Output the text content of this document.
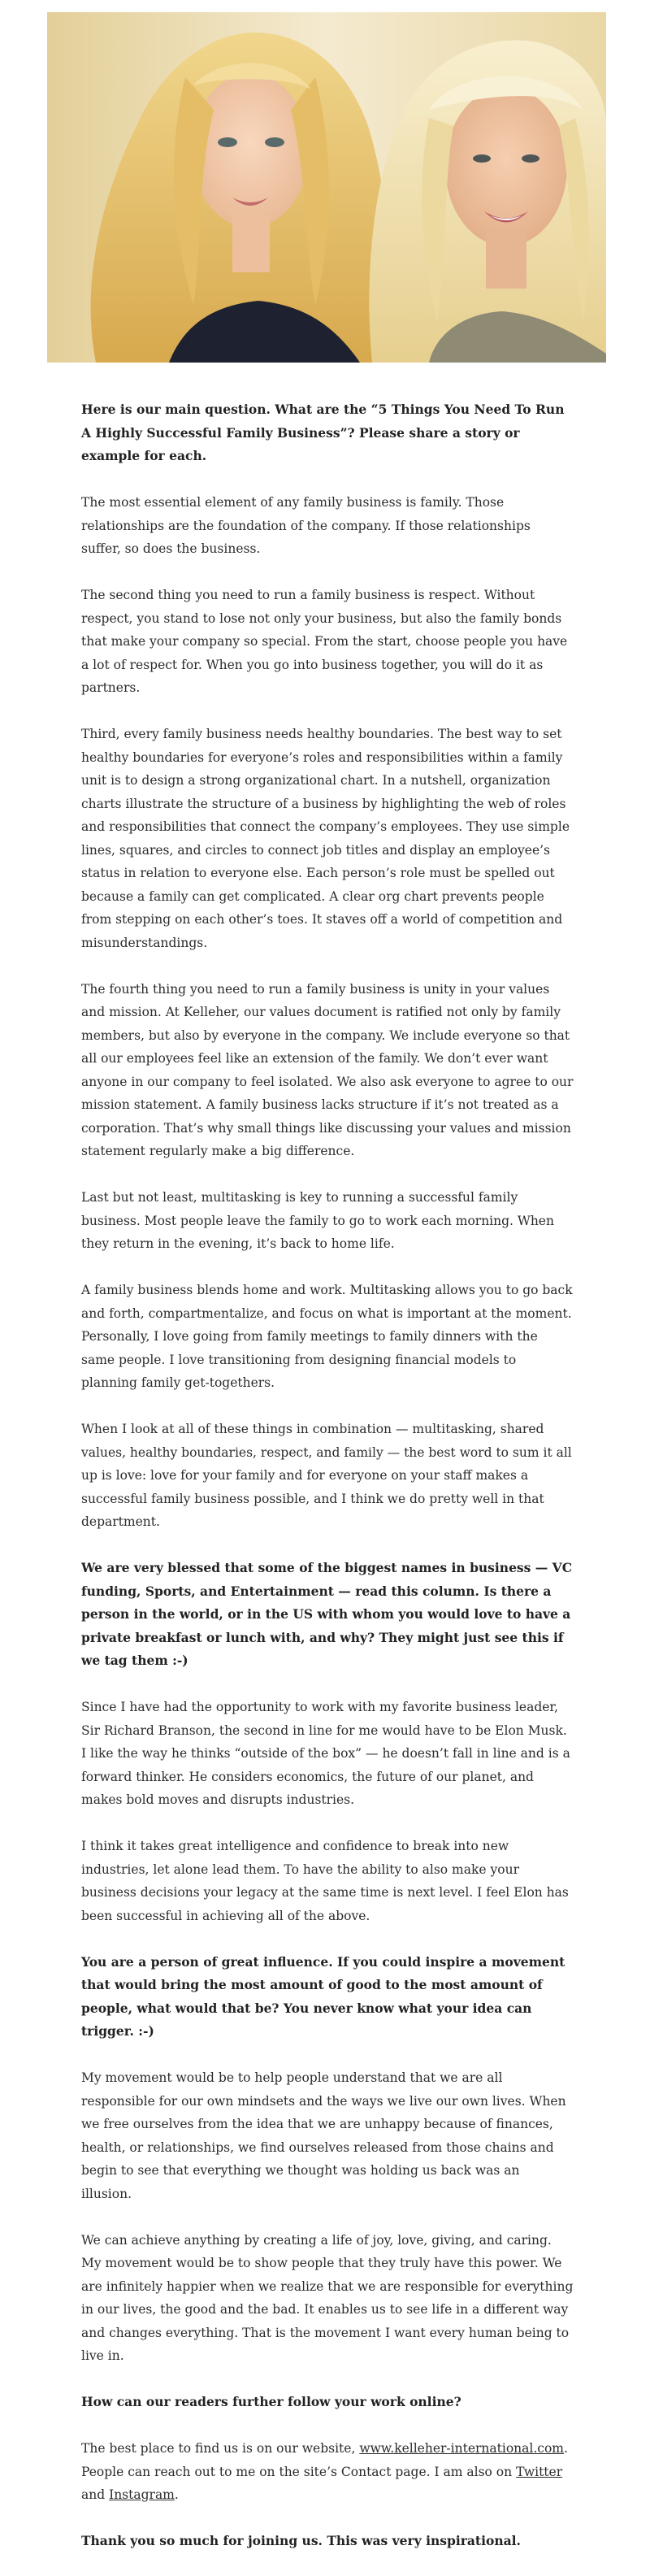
Here is our main question. What are the “5 Things You Need To Run A Highly Successful Family Business”? Please share a story or example for each.

The most essential element of any family business is family. Those relationships are the foundation of the company. If those relationships suffer, so does the business.

The second thing you need to run a family business is respect. Without respect, you stand to lose not only your business, but also the family bonds that make your company so special. From the start, choose people you have a lot of respect for. When you go into business together, you will do it as partners.

Third, every family business needs healthy boundaries. The best way to set healthy boundaries for everyone’s roles and responsibilities within a family unit is to design a strong organizational chart. In a nutshell, organization charts illustrate the structure of a business by highlighting the web of roles and responsibilities that connect the company’s employees. They use simple lines, squares, and circles to connect job titles and display an employee’s status in relation to everyone else. Each person’s role must be spelled out because a family can get complicated. A clear org chart prevents people from stepping on each other’s toes. It staves off a world of competition and misunderstandings.

The fourth thing you need to run a family business is unity in your values and mission. At Kelleher, our values document is ratified not only by family members, but also by everyone in the company. We include everyone so that all our employees feel like an extension of the family. We don’t ever want anyone in our company to feel isolated. We also ask everyone to agree to our mission statement. A family business lacks structure if it’s not treated as a corporation. That’s why small things like discussing your values and mission statement regularly make a big difference.

Last but not least, multitasking is key to running a successful family business. Most people leave the family to go to work each morning. When they return in the evening, it’s back to home life.

A family business blends home and work. Multitasking allows you to go back and forth, compartmentalize, and focus on what is important at the moment. Personally, I love going from family meetings to family dinners with the same people. I love transitioning from designing financial models to planning family get-togethers.

When I look at all of these things in combination — multitasking, shared values, healthy boundaries, respect, and family — the best word to sum it all up is love: love for your family and for everyone on your staff makes a successful family business possible, and I think we do pretty well in that department.

We are very blessed that some of the biggest names in business — VC funding, Sports, and Entertainment — read this column. Is there a person in the world, or in the US with whom you would love to have a private breakfast or lunch with, and why? They might just see this if we tag them :-)

Since I have had the opportunity to work with my favorite business leader, Sir Richard Branson, the second in line for me would have to be Elon Musk. I like the way he thinks “outside of the box” — he doesn’t fall in line and is a forward thinker. He considers economics, the future of our planet, and makes bold moves and disrupts industries.

I think it takes great intelligence and confidence to break into new industries, let alone lead them. To have the ability to also make your business decisions your legacy at the same time is next level. I feel Elon has been successful in achieving all of the above.

You are a person of great influence. If you could inspire a movement that would bring the most amount of good to the most amount of people, what would that be? You never know what your idea can trigger. :-)

My movement would be to help people understand that we are all responsible for our own mindsets and the ways we live our own lives. When we free ourselves from the idea that we are unhappy because of finances, health, or relationships, we find ourselves released from those chains and begin to see that everything we thought was holding us back was an illusion.

We can achieve anything by creating a life of joy, love, giving, and caring. My movement would be to show people that they truly have this power. We are infinitely happier when we realize that we are responsible for everything in our lives, the good and the bad. It enables us to see life in a different way and changes everything. That is the movement I want every human being to live in.

How can our readers further follow your work online?

The best place to find us is on our website, www.kelleher-international.com. People can reach out to me on the site’s Contact page. I am also on Twitter and Instagram.

Thank you so much for joining us. This was very inspirational.
